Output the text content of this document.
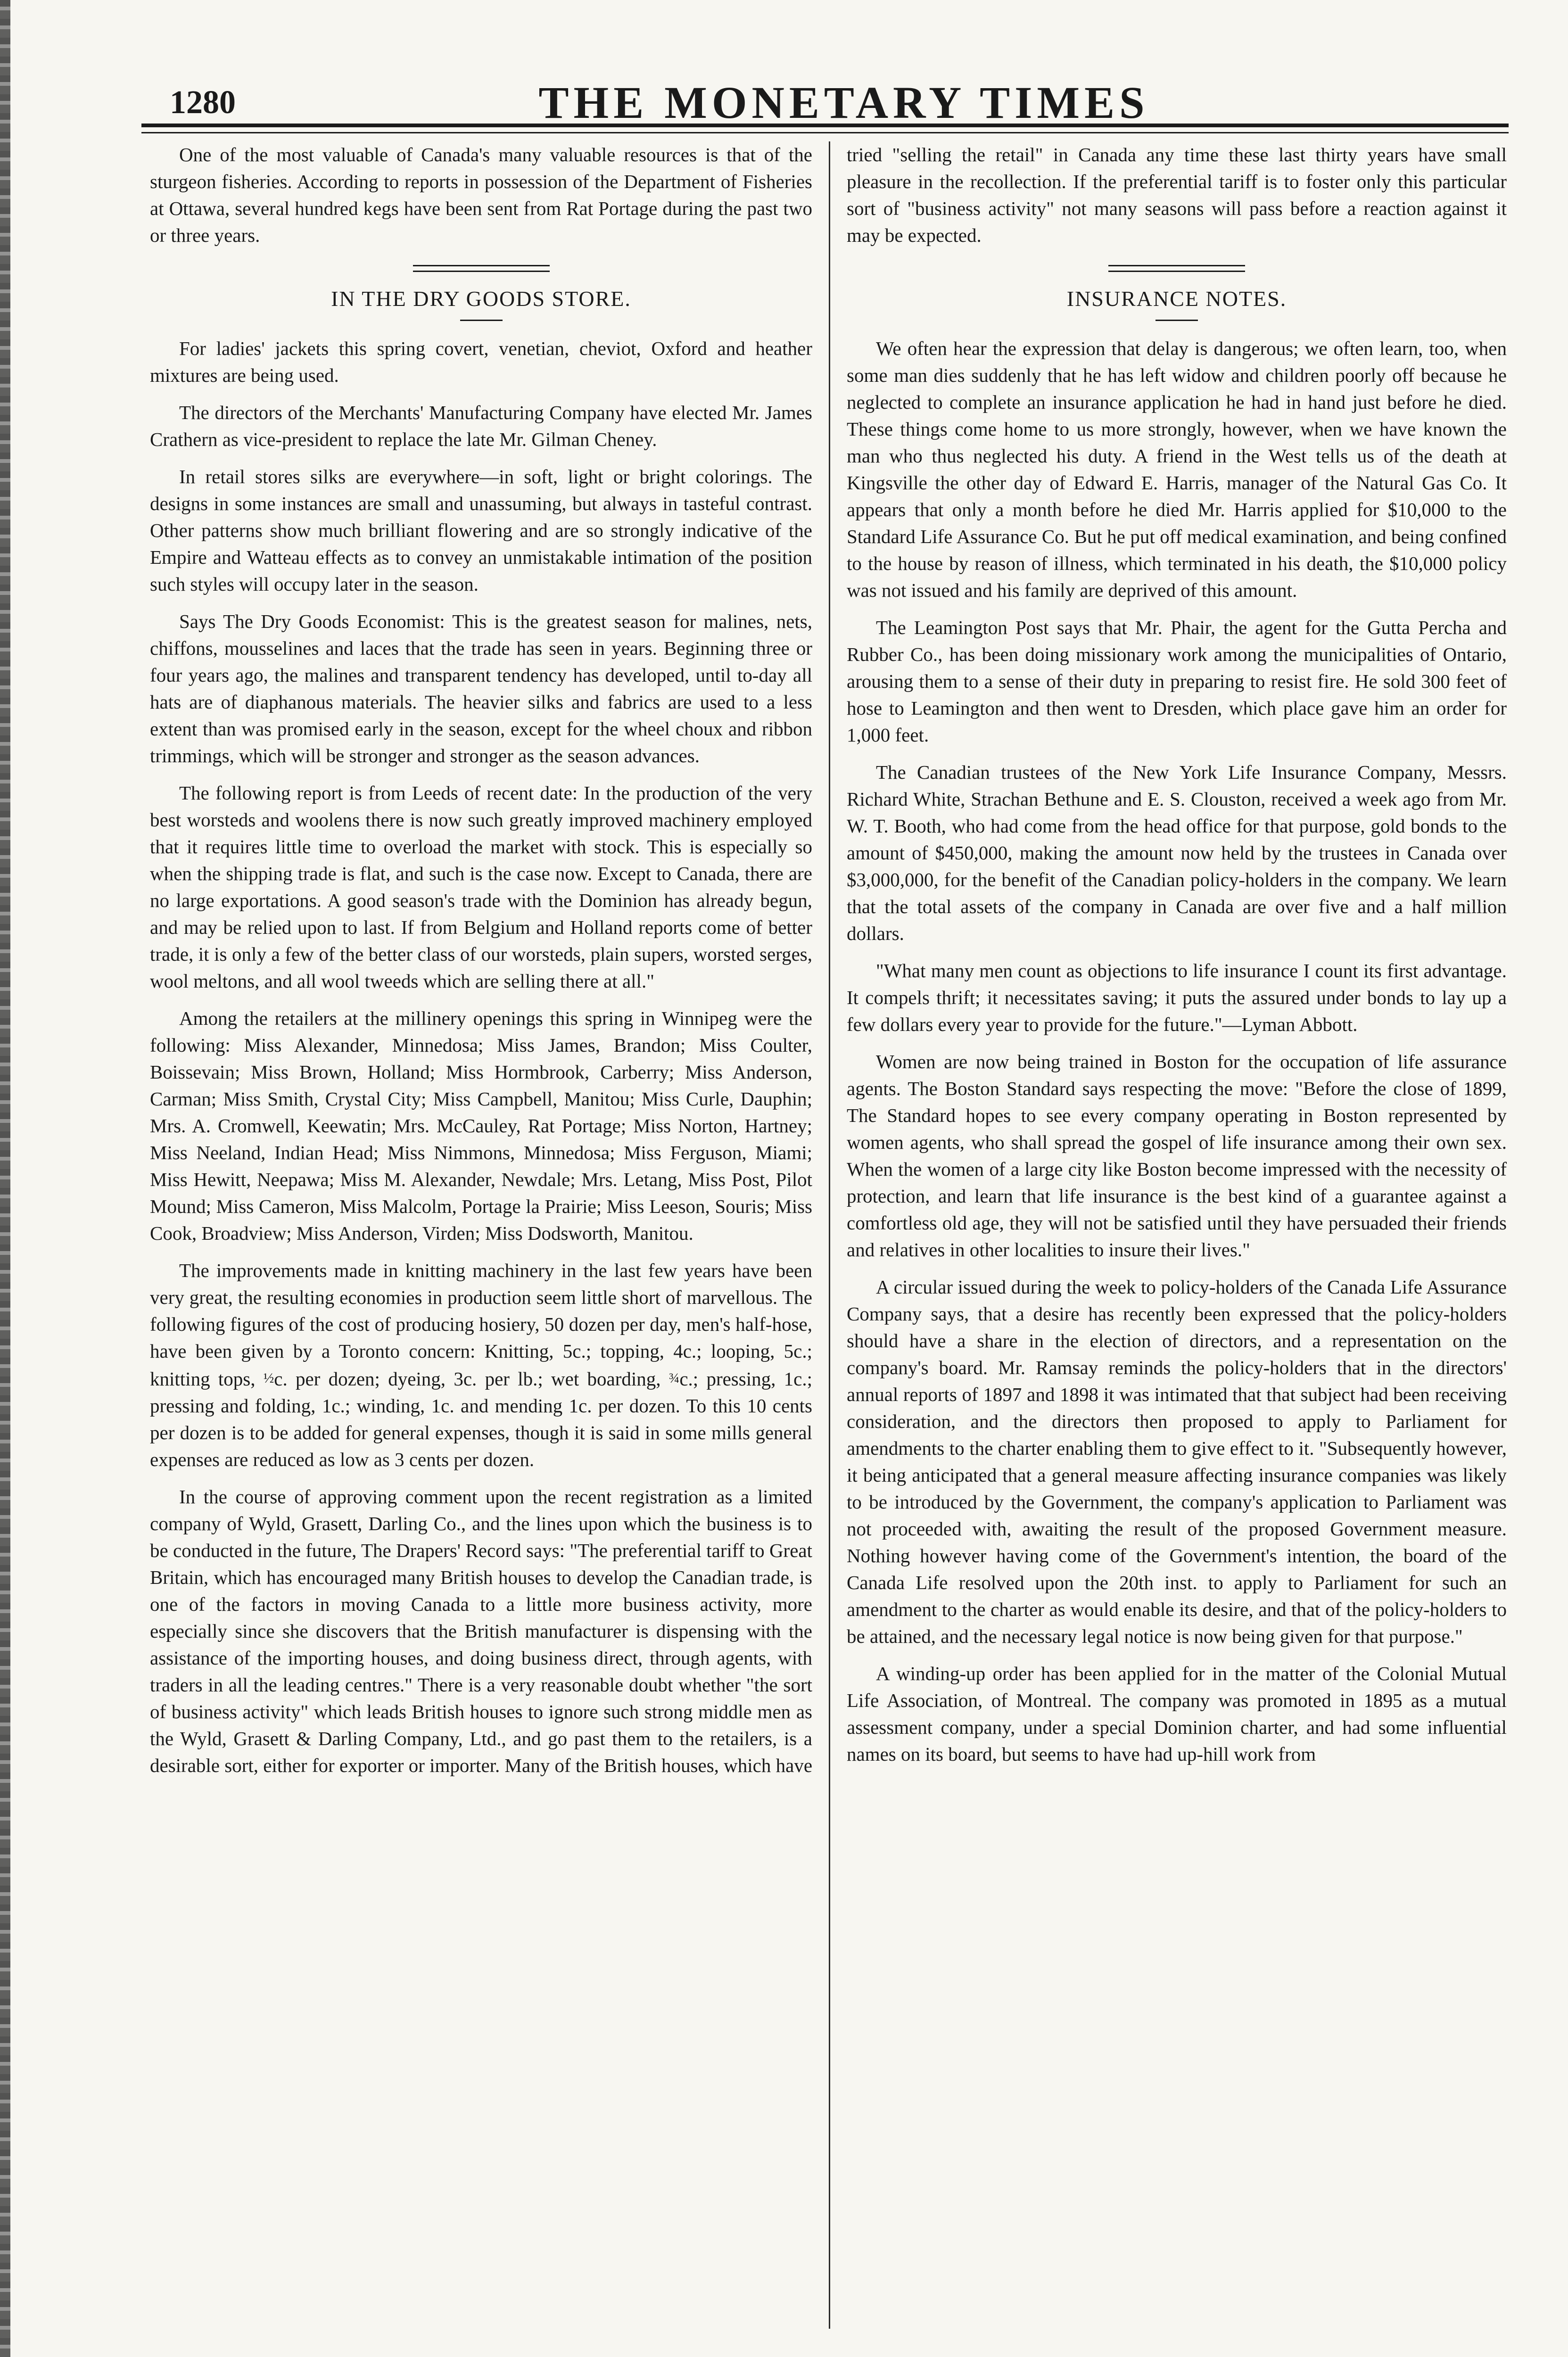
1280	THE MONETARY TIMES

One of the most valuable of Canada's many valuable resources is that of the sturgeon fisheries. According to reports in possession of the Department of Fisheries at Ottawa, several hundred kegs have been sent from Rat Portage during the past two or three years.

IN THE DRY GOODS STORE.

For ladies' jackets this spring covert, venetian, cheviot, Oxford and heather mixtures are being used.

The directors of the Merchants' Manufacturing Company have elected Mr. James Crathern as vice-president to replace the late Mr. Gilman Cheney.

In retail stores silks are everywhere—in soft, light or bright colorings. The designs in some instances are small and unassuming, but always in tasteful contrast. Other patterns show much brilliant flowering and are so strongly indicative of the Empire and Watteau effects as to convey an unmistakable intimation of the position such styles will occupy later in the season.

Says The Dry Goods Economist: This is the greatest season for malines, nets, chiffons, mousselines and laces that the trade has seen in years. Beginning three or four years ago, the malines and transparent tendency has developed, until to-day all hats are of diaphanous materials. The heavier silks and fabrics are used to a less extent than was promised early in the season, except for the wheel choux and ribbon trimmings, which will be stronger and stronger as the season advances.

The following report is from Leeds of recent date: In the production of the very best worsteds and woolens there is now such greatly improved machinery employed that it requires little time to overload the market with stock. This is especially so when the shipping trade is flat, and such is the case now. Except to Canada, there are no large exportations. A good season's trade with the Dominion has already begun, and may be relied upon to last. If from Belgium and Holland reports come of better trade, it is only a few of the better class of our worsteds, plain supers, worsted serges, wool meltons, and all wool tweeds which are selling there at all."

Among the retailers at the millinery openings this spring in Winnipeg were the following: Miss Alexander, Minnedosa; Miss James, Brandon; Miss Coulter, Boissevain; Miss Brown, Holland; Miss Hormbrook, Carberry; Miss Anderson, Carman; Miss Smith, Crystal City; Miss Campbell, Manitou; Miss Curle, Dauphin; Mrs. A. Cromwell, Keewatin; Mrs. McCauley, Rat Portage; Miss Norton, Hartney; Miss Neeland, Indian Head; Miss Nimmons, Minnedosa; Miss Ferguson, Miami; Miss Hewitt, Neepawa; Miss M. Alexander, Newdale; Mrs. Letang, Miss Post, Pilot Mound; Miss Cameron, Miss Malcolm, Portage la Prairie; Miss Leeson, Souris; Miss Cook, Broadview; Miss Anderson, Virden; Miss Dodsworth, Manitou.

The improvements made in knitting machinery in the last few years have been very great, the resulting economies in production seem little short of marvellous. The following figures of the cost of producing hosiery, 50 dozen per day, men's half-hose, have been given by a Toronto concern: Knitting, 5c.; topping, 4c.; looping, 5c.; knitting tops, ½c. per dozen; dyeing, 3c. per lb.; wet boarding, ¾c.; pressing, 1c.; pressing and folding, 1c.; winding, 1c. and mending 1c. per dozen. To this 10 cents per dozen is to be added for general expenses, though it is said in some mills general expenses are reduced as low as 3 cents per dozen.

In the course of approving comment upon the recent registration as a limited company of Wyld, Grasett, Darling Co., and the lines upon which the business is to be conducted in the future, The Drapers' Record says: "The preferential tariff to Great Britain, which has encouraged many British houses to develop the Canadian trade, is one of the factors in moving Canada to a little more business activity, more especially since she discovers that the British manufacturer is dispensing with the assistance of the importing houses, and doing business direct, through agents, with traders in all the leading centres." There is a very reasonable doubt whether "the sort of business activity" which leads British houses to ignore such strong middle men as the Wyld, Grasett & Darling Company, Ltd., and go past them to the retailers, is a desirable sort, either for exporter or importer. Many of the British houses, which have

tried "selling the retail" in Canada any time these last thirty years have small pleasure in the recollection. If the preferential tariff is to foster only this particular sort of "business activity" not many seasons will pass before a reaction against it may be expected.

INSURANCE NOTES.

We often hear the expression that delay is dangerous; we often learn, too, when some man dies suddenly that he has left widow and children poorly off because he neglected to complete an insurance application he had in hand just before he died. These things come home to us more strongly, however, when we have known the man who thus neglected his duty. A friend in the West tells us of the death at Kingsville the other day of Edward E. Harris, manager of the Natural Gas Co. It appears that only a month before he died Mr. Harris applied for $10,000 to the Standard Life Assurance Co. But he put off medical examination, and being confined to the house by reason of illness, which terminated in his death, the $10,000 policy was not issued and his family are deprived of this amount.

The Leamington Post says that Mr. Phair, the agent for the Gutta Percha and Rubber Co., has been doing missionary work among the municipalities of Ontario, arousing them to a sense of their duty in preparing to resist fire. He sold 300 feet of hose to Leamington and then went to Dresden, which place gave him an order for 1,000 feet.

The Canadian trustees of the New York Life Insurance Company, Messrs. Richard White, Strachan Bethune and E. S. Clouston, received a week ago from Mr. W. T. Booth, who had come from the head office for that purpose, gold bonds to the amount of $450,000, making the amount now held by the trustees in Canada over $3,000,000, for the benefit of the Canadian policy-holders in the company. We learn that the total assets of the company in Canada are over five and a half million dollars.

"What many men count as objections to life insurance I count its first advantage. It compels thrift; it necessitates saving; it puts the assured under bonds to lay up a few dollars every year to provide for the future."—Lyman Abbott.

Women are now being trained in Boston for the occupation of life assurance agents. The Boston Standard says respecting the move: "Before the close of 1899, The Standard hopes to see every company operating in Boston represented by women agents, who shall spread the gospel of life insurance among their own sex. When the women of a large city like Boston become impressed with the necessity of protection, and learn that life insurance is the best kind of a guarantee against a comfortless old age, they will not be satisfied until they have persuaded their friends and relatives in other localities to insure their lives."

A circular issued during the week to policy-holders of the Canada Life Assurance Company says, that a desire has recently been expressed that the policy-holders should have a share in the election of directors, and a representation on the company's board. Mr. Ramsay reminds the policy-holders that in the directors' annual reports of 1897 and 1898 it was intimated that that subject had been receiving consideration, and the directors then proposed to apply to Parliament for amendments to the charter enabling them to give effect to it. "Subsequently however, it being anticipated that a general measure affecting insurance companies was likely to be introduced by the Government, the company's application to Parliament was not proceeded with, awaiting the result of the proposed Government measure. Nothing however having come of the Government's intention, the board of the Canada Life resolved upon the 20th inst. to apply to Parliament for such an amendment to the charter as would enable its desire, and that of the policy-holders to be attained, and the necessary legal notice is now being given for that purpose."

A winding-up order has been applied for in the matter of the Colonial Mutual Life Association, of Montreal. The company was promoted in 1895 as a mutual assessment company, under a special Dominion charter, and had some influential names on its board, but seems to have had up-hill work from
